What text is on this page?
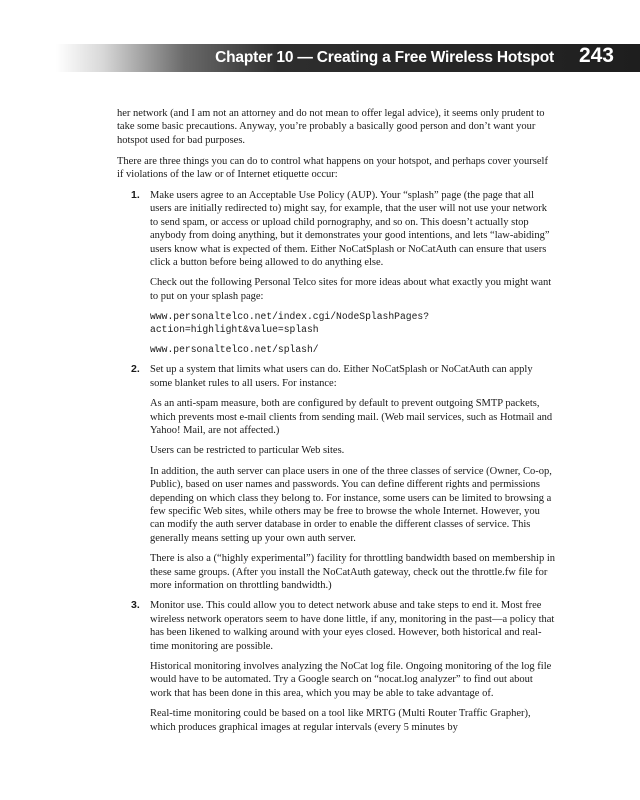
Chapter 10 — Creating a Free Wireless Hotspot 243

her network (and I am not an attorney and do not mean to offer legal advice), it seems only prudent to take some basic precautions. Anyway, you’re probably a basically good person and don’t want your hotspot used for bad purposes.

There are three things you can do to control what happens on your hotspot, and perhaps cover yourself if violations of the law or of Internet etiquette occur:

1. Make users agree to an Acceptable Use Policy (AUP). Your “splash” page (the page that all users are initially redirected to) might say, for example, that the user will not use your network to send spam, or access or upload child pornography, and so on. This doesn’t actually stop anybody from doing anything, but it demonstrates your good intentions, and lets “law-abiding” users know what is expected of them. Either NoCatSplash or NoCatAuth can ensure that users click a button before being allowed to do anything else.

Check out the following Personal Telco sites for more ideas about what exactly you might want to put on your splash page:

www.personaltelco.net/index.cgi/NodeSplashPages?action=highlight&value=splash
www.personaltelco.net/splash/
2. Set up a system that limits what users can do. Either NoCatSplash or NoCatAuth can apply some blanket rules to all users. For instance:

As an anti-spam measure, both are configured by default to prevent outgoing SMTP packets, which prevents most e-mail clients from sending mail. (Web mail services, such as Hotmail and Yahoo! Mail, are not affected.)

Users can be restricted to particular Web sites.

In addition, the auth server can place users in one of the three classes of service (Owner, Co-op, Public), based on user names and passwords. You can define different rights and permissions depending on which class they belong to. For instance, some users can be limited to browsing a few specific Web sites, while others may be free to browse the whole Internet. However, you can modify the auth server database in order to enable the different classes of service. This generally means setting up your own auth server.

There is also a (“highly experimental”) facility for throttling bandwidth based on membership in these same groups. (After you install the NoCatAuth gateway, check out the throttle.fw file for more information on throttling bandwidth.)

3. Monitor use. This could allow you to detect network abuse and take steps to end it. Most free wireless network operators seem to have done little, if any, monitoring in the past—a policy that has been likened to walking around with your eyes closed. However, both historical and real-time monitoring are possible.

Historical monitoring involves analyzing the NoCat log file. Ongoing monitoring of the log file would have to be automated. Try a Google search on “nocat.log analyzer” to find out about work that has been done in this area, which you may be able to take advantage of.

Real-time monitoring could be based on a tool like MRTG (Multi Router Traffic Grapher), which produces graphical images at regular intervals (every 5 minutes by
